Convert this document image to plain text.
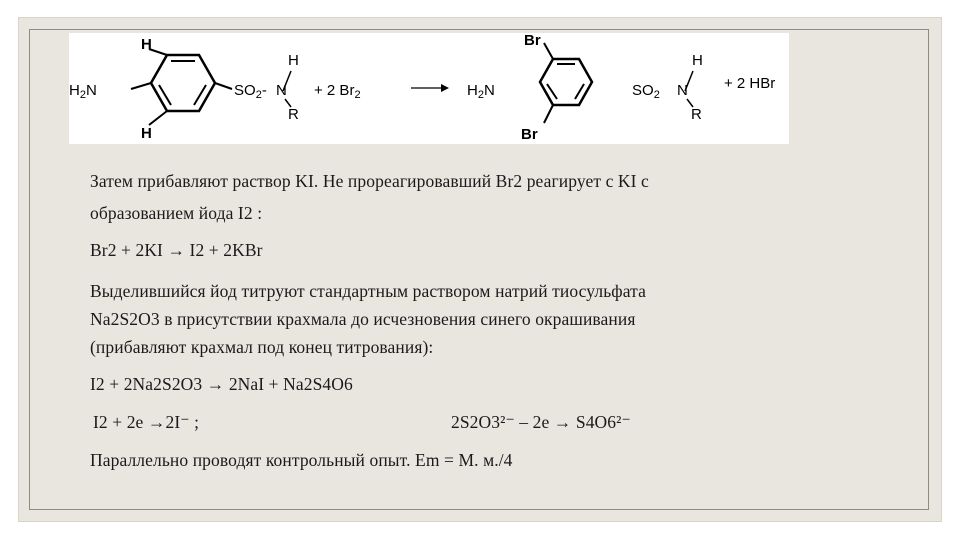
H
$H_2N$
H
$SO_2-$
H
N
R
+ 2 $Br_2$	$H_2N$
Br
Br
$SO_2$
H
N
R
+ 2 HBr
Затем прибавляют раствор KI. Не прореагировавший Br2 реагирует с KI с
образованием йода I2 :
Br2 + 2KI → I2 + 2KBr
Выделившийся йод титруют стандартным раствором натрий тиосульфата
Na2S2O3 в присутствии крахмала до исчезновения синего окрашивания
(прибавляют крахмал под конец титрования):
I2 + 2Na2S2O3 → 2NaI + Na2S4O6
I2 + 2e →2I⁻ ;	2S2O3²⁻ – 2e → S4O6²⁻
Параллельно проводят контрольный опыт. Em = M. м./4
